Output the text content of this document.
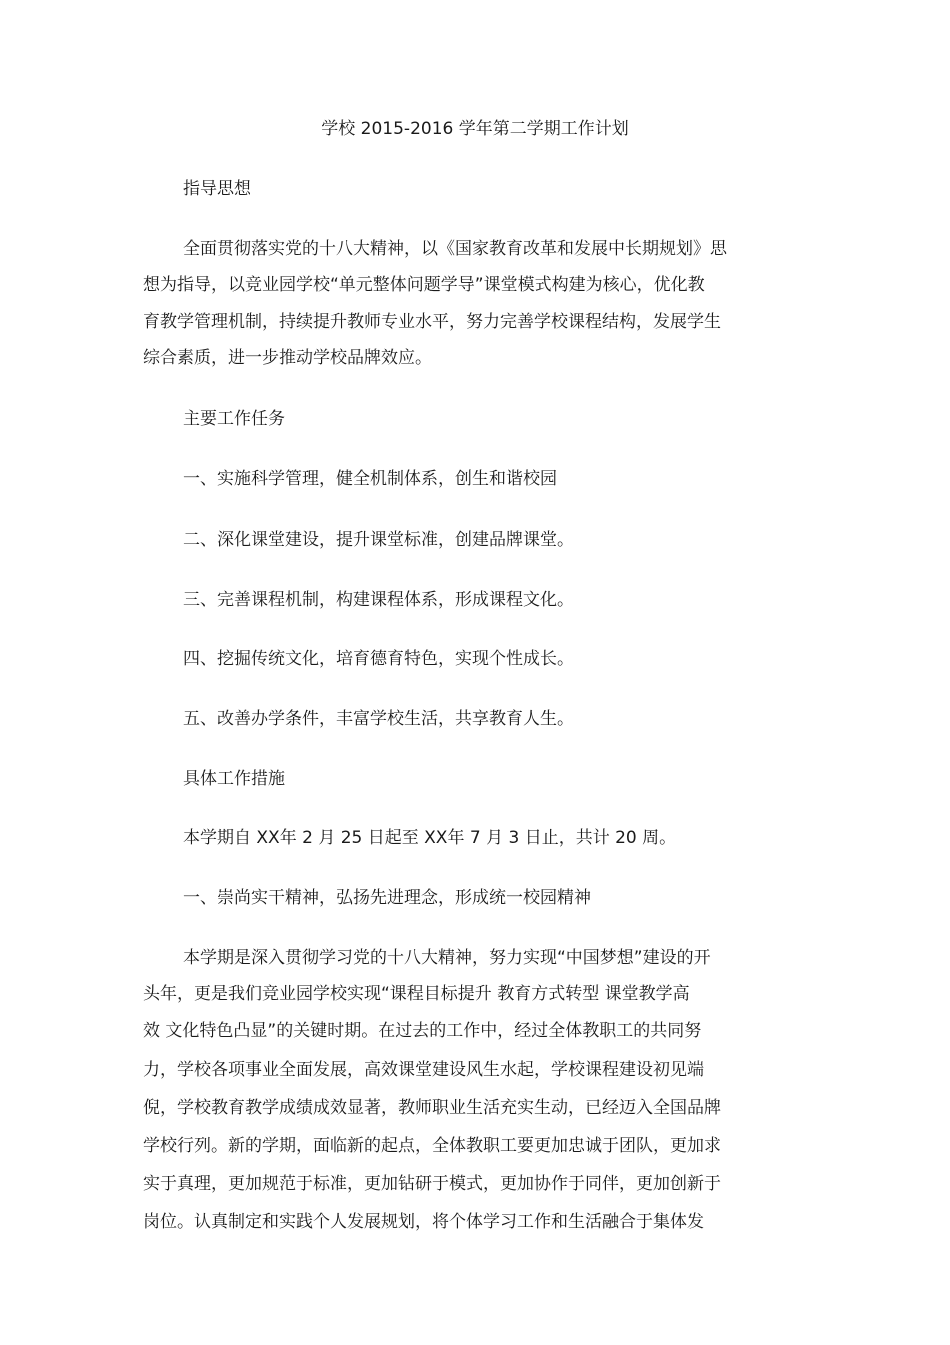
学校 2015-2016 学年第二学期工作计划
指导思想
全面贯彻落实党的十八大精神，以《国家教育改革和发展中长期规划》思
想为指导，以竞业园学校“单元整体问题学导”课堂模式构建为核心，优化教
育教学管理机制，持续提升教师专业水平，努力完善学校课程结构，发展学生
综合素质，进一步推动学校品牌效应。
主要工作任务
一、实施科学管理，健全机制体系，创生和谐校园
二、深化课堂建设，提升课堂标准，创建品牌课堂。
三、完善课程机制，构建课程体系，形成课程文化。
四、挖掘传统文化，培育德育特色，实现个性成长。
五、改善办学条件，丰富学校生活，共享教育人生。
具体工作措施
本学期自 XX年 2 月 25 日起至 XX年 7 月 3 日止，共计 20 周。
一、崇尚实干精神，弘扬先进理念，形成统一校园精神
本学期是深入贯彻学习党的十八大精神，努力实现“中国梦想”建设的开
头年，更是我们竞业园学校实现“课程目标提升 教育方式转型 课堂教学高
效 文化特色凸显”的关键时期。在过去的工作中，经过全体教职工的共同努
力，学校各项事业全面发展，高效课堂建设风生水起，学校课程建设初见端
倪，学校教育教学成绩成效显著，教师职业生活充实生动，已经迈入全国品牌
学校行列。新的学期，面临新的起点，全体教职工要更加忠诚于团队，更加求
实于真理，更加规范于标准，更加钻研于模式，更加协作于同伴，更加创新于
岗位。认真制定和实践个人发展规划，将个体学习工作和生活融合于集体发
